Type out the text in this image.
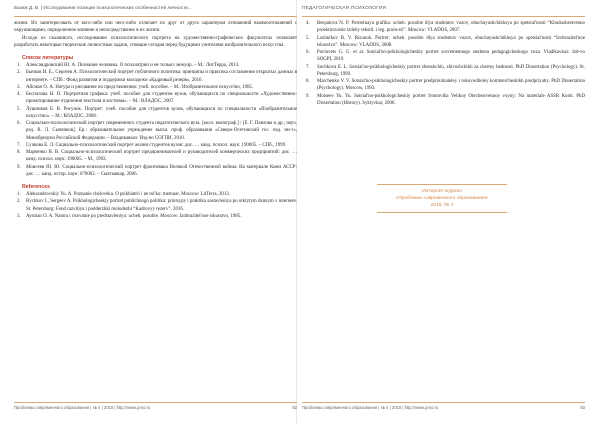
Базюк Д. В. | Исследование позиции психологических особенностей личности…

жизни. Их заинтересовать от кого-либо или чего-либо отличает их друг от друга характером отношений взаимоотношений с окружающими, определенное влияние и непосредственно в их жизни.

Исходя из сказанного, исследованию психологического портрета на художественно-графических факультетах позволяет разработать некоторые творческие личностные задачи, стоящие сегодня перед будущими учителями изобразительного искусства.

Список литературы
1. Александровский Ю. А. Познание человека. О психиатрии и не только: мемуар. – М.: ЛитТерра, 2013.
2. Бычков И. Е., Сергеев А. Психологический портрет публичного политика: принципы и практика составления открытых данных в интернете. – СПб.: Фонд развития и поддержки молодежи «Кадровый резерв», 2016.
3. Айсман О. А. Натура и рисование по представлению: учеб. пособие. – М.: Изобразительное искусство, 1985.
4. Беспалова Н. П. Портретная графика: учеб. пособие для студентов вузов, обучающихся по специальности «Художественно-проектирование отделения текстиля и костюма». – М.: ВЛАДОС, 2007.
5. Лушников Б. В. Рисунок. Портрет: учеб. пособие для студентов вузов, обучающихся по специальности «Изобразительное искусство». – М.: ВЛАДОС, 2008.
6. Социально-психологический портрет современного студента педагогического вуза. [колл. монограф.] / [Е. Г. Павлова и др.; науч. ред. В. Л. Сыченков]. Ер.: образовательное учреждение высш. проф. образования «Северо-Осетинский гос. пед. ин-т», Минобрнауки Российской Федерации. – Владикавказ: Изд-во СОГПИ, 2010.
7. Сучкова Е. Л. Социально-психологический портрет жизни студентов вузов: дис. … канд. психол. наук: 190005. – СПб., 1999.
8. Марченко В. В. Социально-психологический портрет предпринимателей и руководителей коммерческих предприятий: дис. … канд. психол. наук: 190005. – М., 1993.
9. Моисеев Ю. Ю. Социально-психологический портрет фронтовика Великой Отечественной войны: На материале Коми АССР: дис. … канд. истор. наук: 070002. – Сыктывкар, 2006.
References
1. Aleksandrovskiy Yu. A. Poznanie cheloveka. O psikhiatrii i ne tol'ko: memuar. Moscow: LitTerra, 2013.
2. Bychkov I., Sergeev A. Psikhologicheskiy portret publichnogo politika: printsypy i praktika sostavleniya po otkrytym dannym v internete. St. Petersburg: Fond razvitiya i podderzhki molodezhi “Kadrovyy rezerv”, 2016.
3. Aysman O. A. Natura i risovanie po predstavleniyu: ucheb. posobie. Moscow: Izobrazitel'noe iskusstvo, 1985.
Проблемы современного образования | № 4 | 2018 | http://www.pmo.ru	82
ПЕДАГОГИЧЕСКАЯ ПСИХОЛОГИЯ
4. Bespalova N. P. Portretnaya grafika: ucheb. posobie dlya studentov vuzov, obuchayushchikhsya po spetsial'nosti “Khudozhestvenno proektirovanie izdeliy tekstil. i leg. prom-sti”. Moscow: VLADOS, 2007.
5. Lushnikov B. V. Risunok. Portret: ucheb. posobie dlya studentov vuzov, obuchayushchikhsya po spetsial'nosti “Izobrazitel'noe iskusstvo”. Moscow: VLADOS, 2008.
6. Pavlovets G. G. et al. Sotsial'no-psikhologicheskiy portret sovremennogo studenta pedagogicheskogo vuza. Vladikavkaz: Izd-vo SOGPI, 2010.
7. Suchkova E. L. Sotsial'no-psikhologicheskiy portret zhenshchin, zhivushchikh za chertoy bednosti. PhD Dissertation (Psychology). St. Petersburg, 1999.
8. Marchenko V. V. Sotsial'no-psikhologicheskiy portret predprinimateley i rukovoditeley kommercheskikh predpriyatiy. PhD Dissertation (Psychology). Moscow, 1993.
9. Moiseev Yu. Yu. Sotsial'no-psikhologicheskiy portret frontovika Velikoy Otechestvennoy voyny: Na materiale ASSR Komi. PhD Dissertation (History). Syktyvkar, 2006.
Интернет-журнал
«Проблемы современного образования»
2018, № 4
Проблемы современного образования | № 4 | 2018 | http://www.pmo.ru	83
